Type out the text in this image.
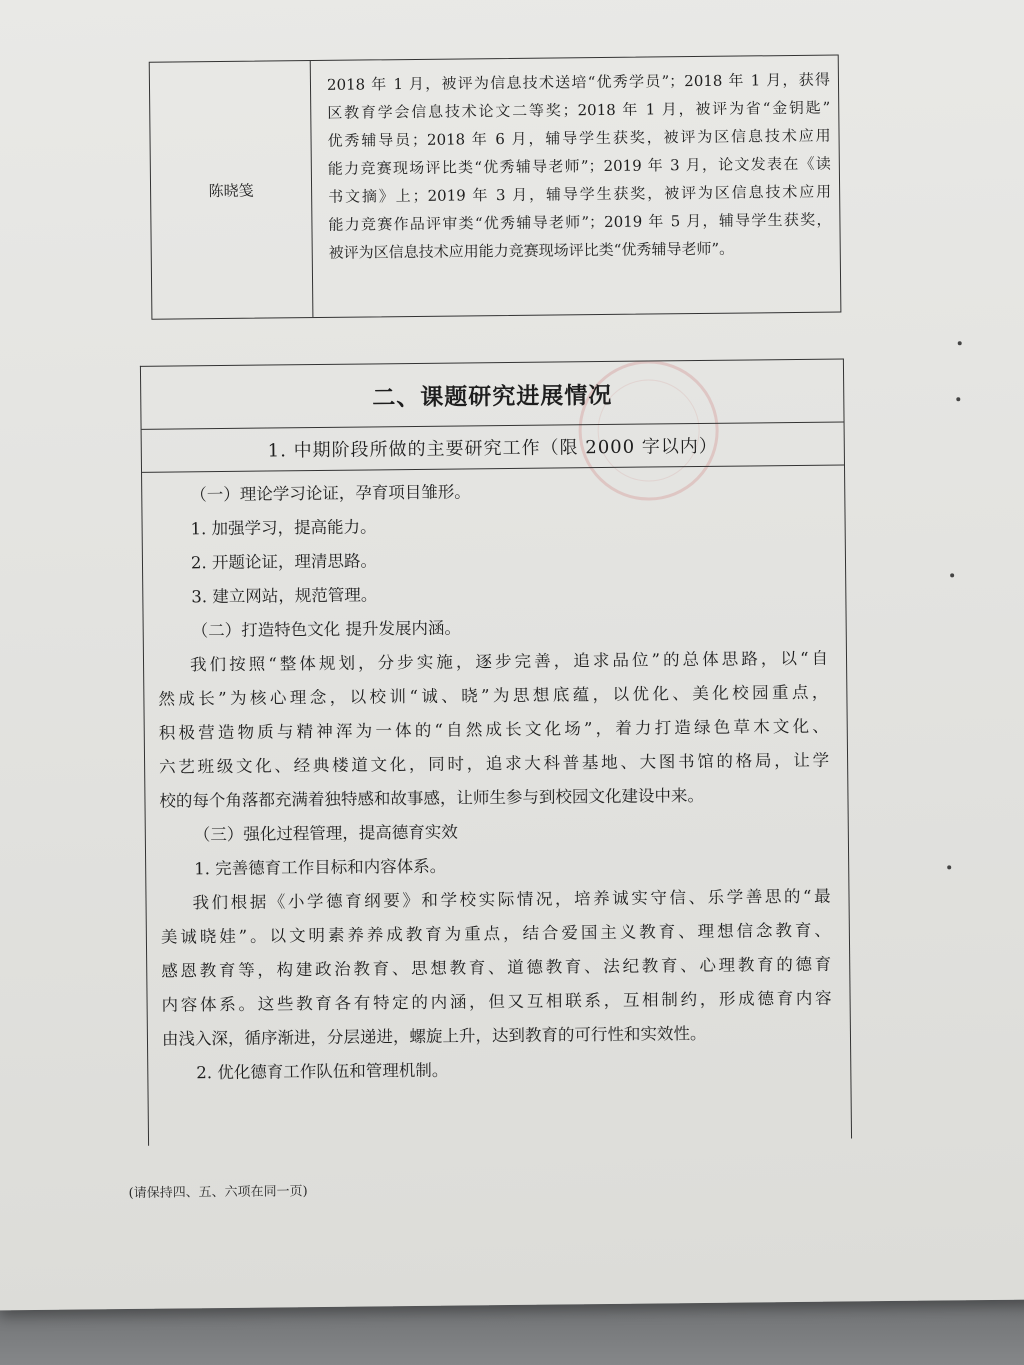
陈晓笺
2018 年 1 月，被评为信息技术送培“优秀学员”；2018 年 1 月，获得
区教育学会信息技术论文二等奖；2018 年 1 月，被评为省“金钥匙”
优秀辅导员；2018 年 6 月，辅导学生获奖，被评为区信息技术应用
能力竞赛现场评比类“优秀辅导老师”；2019 年 3 月，论文发表在《读
书文摘》上；2019 年 3 月，辅导学生获奖，被评为区信息技术应用
能力竞赛作品评审类“优秀辅导老师”；2019 年 5 月，辅导学生获奖，
被评为区信息技术应用能力竞赛现场评比类“优秀辅导老师”。
二、课题研究进展情况
1. 中期阶段所做的主要研究工作（限 2000 字以内）
（一）理论学习论证，孕育项目雏形。
1. 加强学习，提高能力。
2. 开题论证，理清思路。
3. 建立网站，规范管理。
（二）打造特色文化 提升发展内涵。
我们按照“整体规划，分步实施，逐步完善，追求品位”的总体思路，以“自
然成长”为核心理念，以校训“诚、晓”为思想底蕴，以优化、美化校园重点，
积极营造物质与精神浑为一体的“自然成长文化场”，着力打造绿色草木文化、
六艺班级文化、经典楼道文化，同时，追求大科普基地、大图书馆的格局，让学
校的每个角落都充满着独特感和故事感，让师生参与到校园文化建设中来。
（三）强化过程管理，提高德育实效
1. 完善德育工作目标和内容体系。
我们根据《小学德育纲要》和学校实际情况，培养诚实守信、乐学善思的“最
美诚晓娃”。以文明素养养成教育为重点，结合爱国主义教育、理想信念教育、
感恩教育等，构建政治教育、思想教育、道德教育、法纪教育、心理教育的德育
内容体系。这些教育各有特定的内涵，但又互相联系，互相制约，形成德育内容
由浅入深，循序渐进，分层递进，螺旋上升，达到教育的可行性和实效性。
2. 优化德育工作队伍和管理机制。
(请保持四、五、六项在同一页)
